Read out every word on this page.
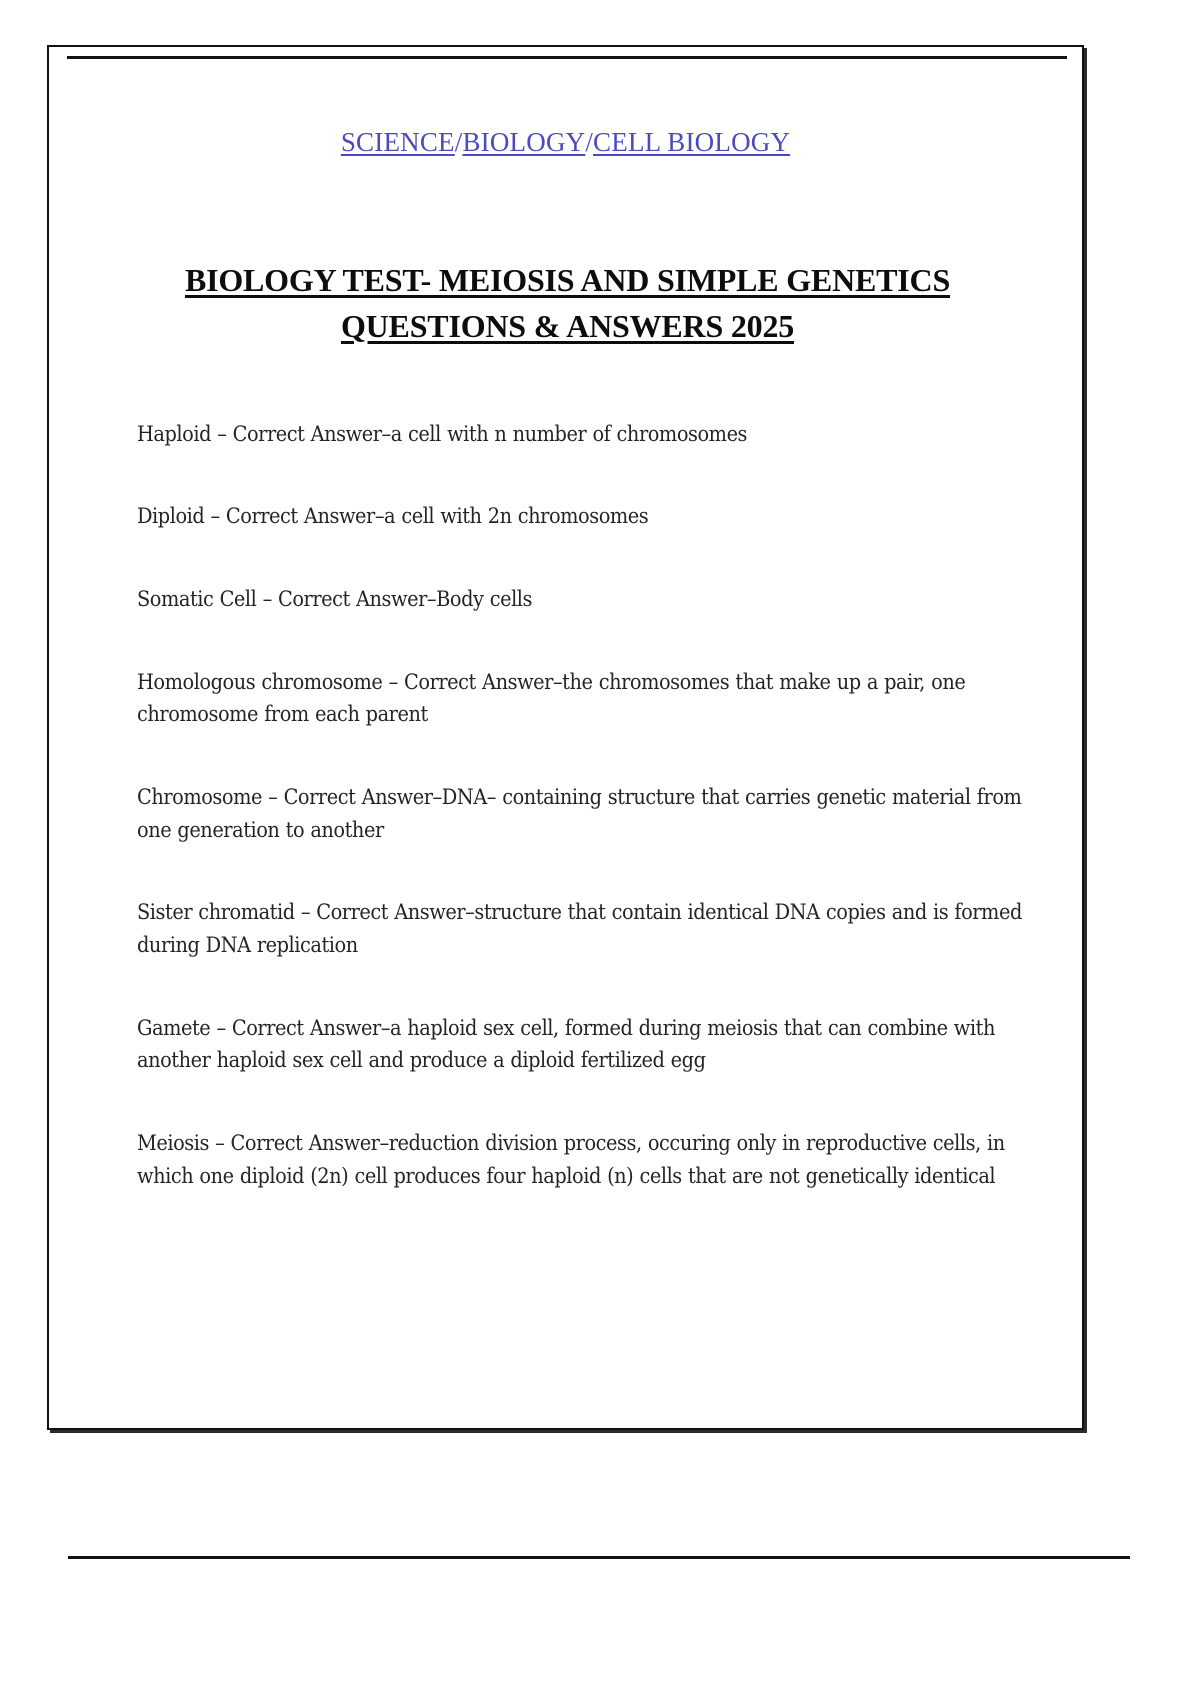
SCIENCE/BIOLOGY/CELL BIOLOGY
BIOLOGY TEST- MEIOSIS AND SIMPLE GENETICS
QUESTIONS & ANSWERS 2025

Haploid – Correct Answer–a cell with n number of chromosomes

Diploid – Correct Answer–a cell with 2n chromosomes

Somatic Cell – Correct Answer–Body cells

Homologous chromosome – Correct Answer–the chromosomes that make up a pair, one chromosome from each parent

Chromosome – Correct Answer–DNA– containing structure that carries genetic material from one generation to another

Sister chromatid – Correct Answer–structure that contain identical DNA copies and is formed during DNA replication

Gamete – Correct Answer–a haploid sex cell, formed during meiosis that can combine with another haploid sex cell and produce a diploid fertilized egg

Meiosis – Correct Answer–reduction division process, occuring only in reproductive cells, in which one diploid (2n) cell produces four haploid (n) cells that are not genetically identical
